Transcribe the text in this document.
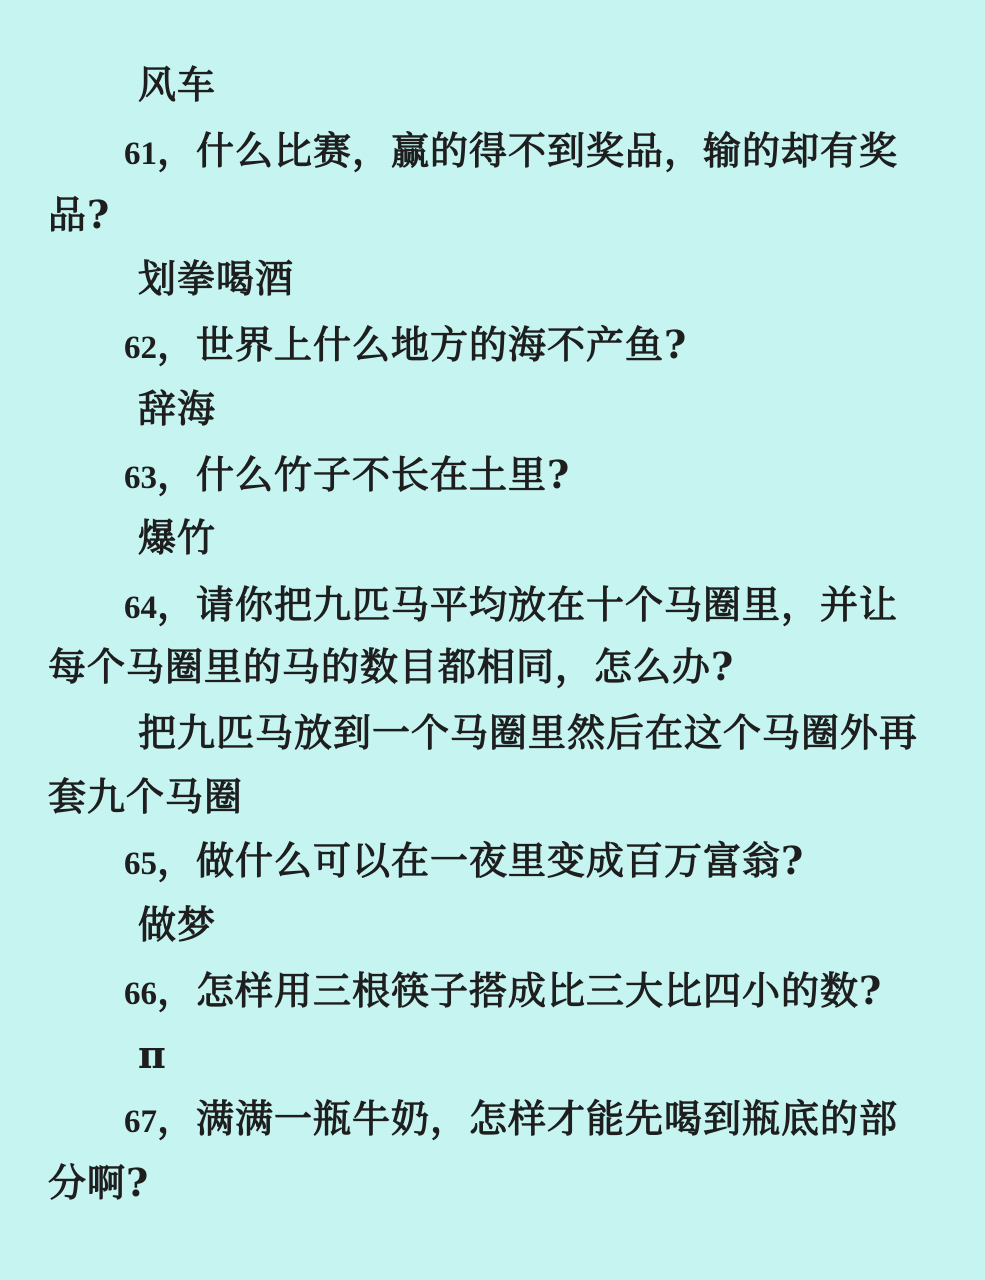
风车
61，什么比赛，赢的得不到奖品，输的却有奖
品?
划拳喝酒
62，世界上什么地方的海不产鱼?
辞海
63，什么竹子不长在土里?
爆竹
64，请你把九匹马平均放在十个马圈里，并让
每个马圈里的马的数目都相同，怎么办?
把九匹马放到一个马圈里然后在这个马圈外再
套九个马圈
65，做什么可以在一夜里变成百万富翁?
做梦
66，怎样用三根筷子搭成比三大比四小的数?
π
67，满满一瓶牛奶，怎样才能先喝到瓶底的部
分啊?
